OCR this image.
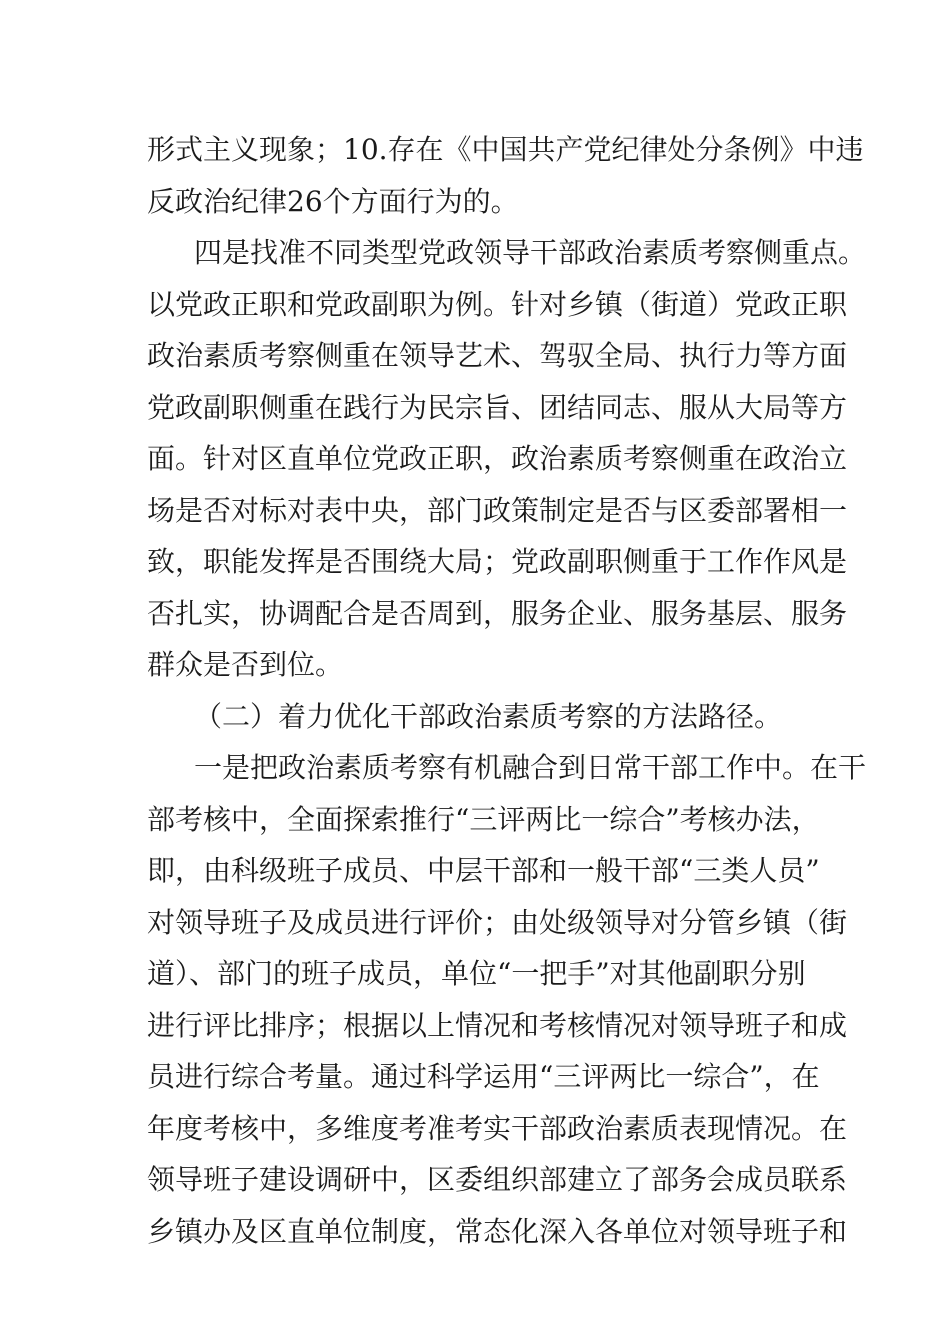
形式主义现象；10.存在《中国共产党纪律处分条例》中违
反政治纪律26个方面行为的。
四是找准不同类型党政领导干部政治素质考察侧重点。
以党政正职和党政副职为例。针对乡镇（街道）党政正职
政治素质考察侧重在领导艺术、驾驭全局、执行力等方面
党政副职侧重在践行为民宗旨、团结同志、服从大局等方
面。针对区直单位党政正职，政治素质考察侧重在政治立
场是否对标对表中央，部门政策制定是否与区委部署相一
致，职能发挥是否围绕大局；党政副职侧重于工作作风是
否扎实，协调配合是否周到，服务企业、服务基层、服务
群众是否到位。
（二）着力优化干部政治素质考察的方法路径。
一是把政治素质考察有机融合到日常干部工作中。在干
部考核中，全面探索推行“三评两比一综合”考核办法，
即，由科级班子成员、中层干部和一般干部“三类人员”
对领导班子及成员进行评价；由处级领导对分管乡镇（街
道）、部门的班子成员，单位“一把手”对其他副职分别
进行评比排序；根据以上情况和考核情况对领导班子和成
员进行综合考量。通过科学运用“三评两比一综合”，在
年度考核中，多维度考准考实干部政治素质表现情况。在
领导班子建设调研中，区委组织部建立了部务会成员联系
乡镇办及区直单位制度，常态化深入各单位对领导班子和
